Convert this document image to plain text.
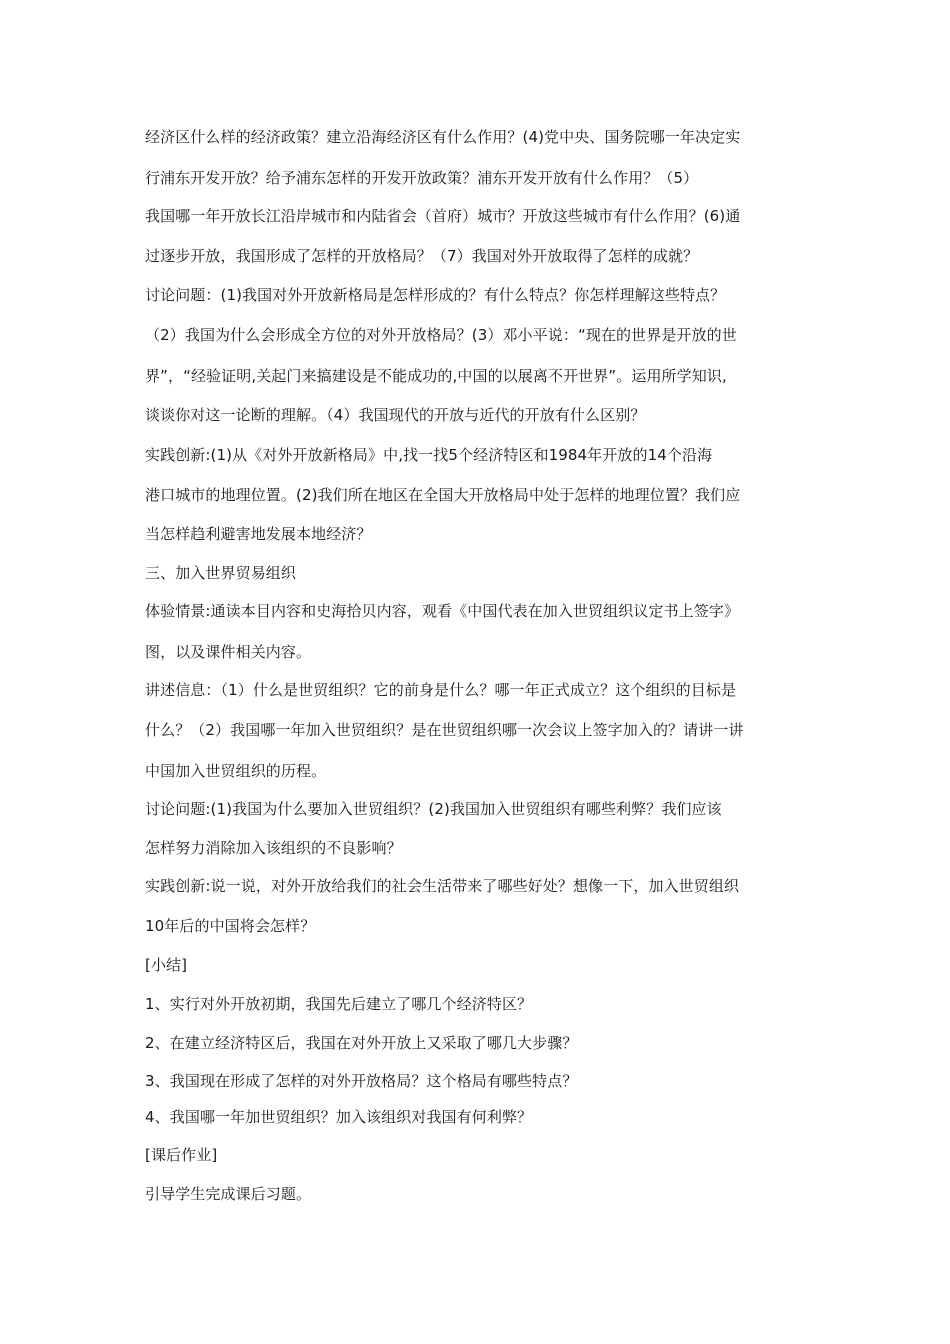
经济区什么样的经济政策？建立沿海经济区有什么作用？(4)党中央、国务院哪一年决定实
行浦东开发开放？给予浦东怎样的开发开放政策？浦东开发开放有什么作用？（5）
我国哪一年开放长江沿岸城市和内陆省会（首府）城市？开放这些城市有什么作用？(6)通
过逐步开放，我国形成了怎样的开放格局？（7）我国对外开放取得了怎样的成就？
讨论问题：(1)我国对外开放新格局是怎样形成的？有什么特点？你怎样理解这些特点？
（2）我国为什么会形成全方位的对外开放格局？(3）邓小平说：“现在的世界是开放的世
界”，“经验证明,关起门来搞建设是不能成功的,中国的以展离不开世界”。运用所学知识,
谈谈你对这一论断的理解。（4）我国现代的开放与近代的开放有什么区别？
实践创新:(1)从《对外开放新格局》中,找一找5个经济特区和1984年开放的14个沿海
港口城市的地理位置。(2)我们所在地区在全国大开放格局中处于怎样的地理位置？我们应
当怎样趋利避害地发展本地经济？
三、加入世界贸易组织
体验情景:通读本目内容和史海拾贝内容，观看《中国代表在加入世贸组织议定书上签字》
图，以及课件相关内容。
讲述信息：（1）什么是世贸组织？它的前身是什么？哪一年正式成立？这个组织的目标是
什么？（2）我国哪一年加入世贸组织？是在世贸组织哪一次会议上签字加入的？请讲一讲
中国加入世贸组织的历程。
讨论问题:(1)我国为什么要加入世贸组织？(2)我国加入世贸组织有哪些利弊？我们应该
怎样努力消除加入该组织的不良影响？
实践创新:说一说，对外开放给我们的社会生活带来了哪些好处？想像一下，加入世贸组织
10年后的中国将会怎样？
[小结]
1、实行对外开放初期，我国先后建立了哪几个经济特区？
2、在建立经济特区后，我国在对外开放上又采取了哪几大步骤？
3、我国现在形成了怎样的对外开放格局？这个格局有哪些特点？
4、我国哪一年加世贸组织？加入该组织对我国有何利弊？
[课后作业]
引导学生完成课后习题。
